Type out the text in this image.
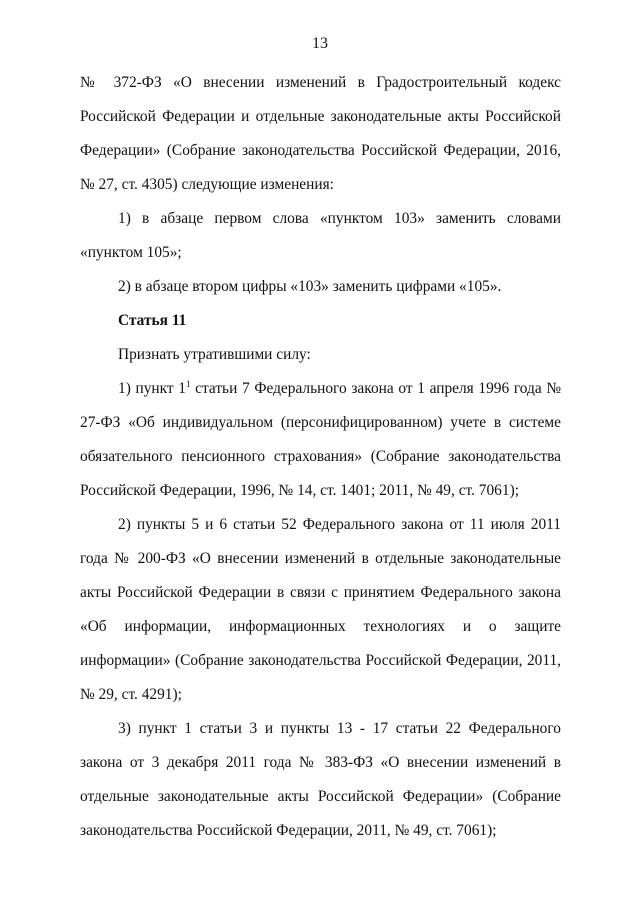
13

№ 372-ФЗ «О внесении изменений в Градостроительный кодекс Российской Федерации и отдельные законодательные акты Российской Федерации» (Собрание законодательства Российской Федерации, 2016, № 27, ст. 4305) следующие изменения:

1) в абзаце первом слова «пунктом 103» заменить словами «пунктом 105»;

2) в абзаце втором цифры «103» заменить цифрами «105».

Статья 11

Признать утратившими силу:

1) пункт $1^1$ статьи 7 Федерального закона от 1 апреля 1996 года № 27-ФЗ «Об индивидуальном (персонифицированном) учете в системе обязательного пенсионного страхования» (Собрание законодательства Российской Федерации, 1996, № 14, ст. 1401; 2011, № 49, ст. 7061);

2) пункты 5 и 6 статьи 52 Федерального закона от 11 июля 2011 года № 200-ФЗ «О внесении изменений в отдельные законодательные акты Российской Федерации в связи с принятием Федерального закона «Об информации, информационных технологиях и о защите информации» (Собрание законодательства Российской Федерации, 2011, № 29, ст. 4291);

3) пункт 1 статьи 3 и пункты 13 - 17 статьи 22 Федерального закона от 3 декабря 2011 года № 383-ФЗ «О внесении изменений в отдельные законодательные акты Российской Федерации» (Собрание законодательства Российской Федерации, 2011, № 49, ст. 7061);
